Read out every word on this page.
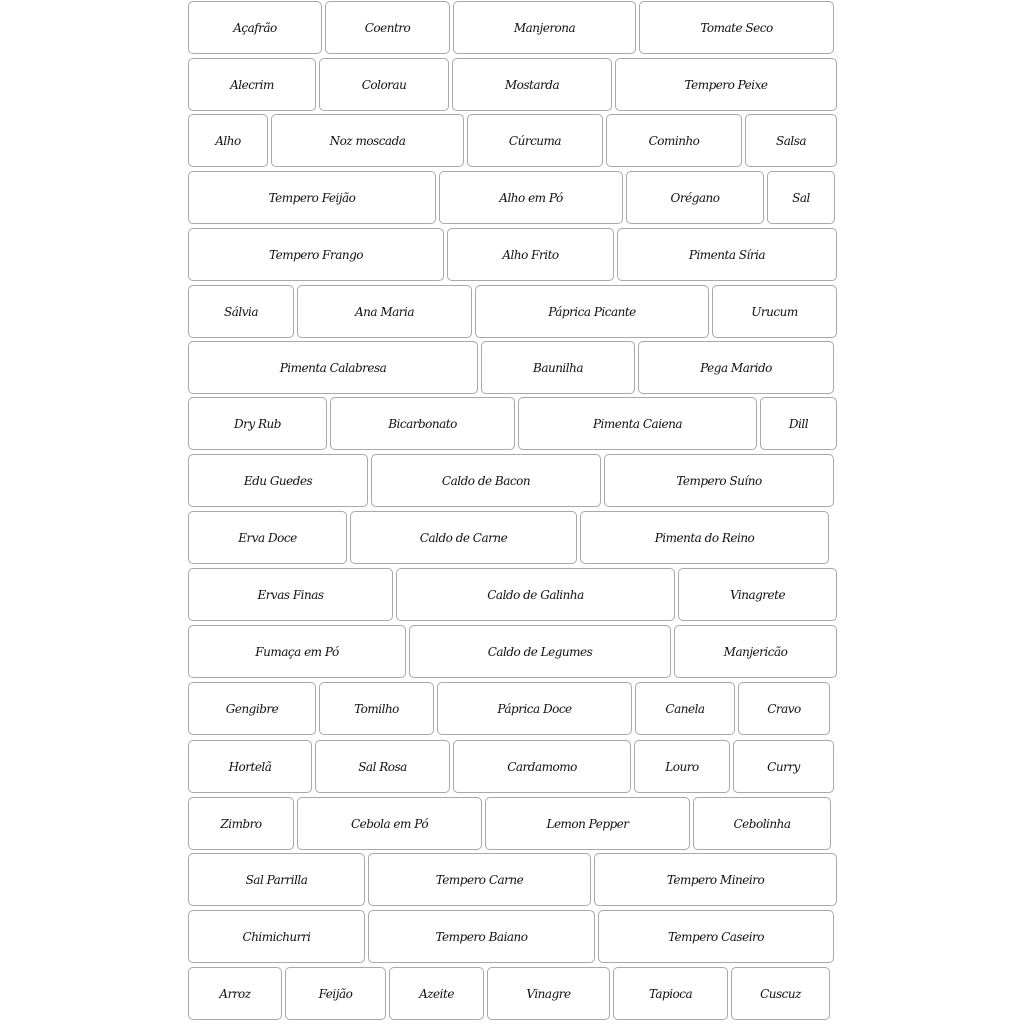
Açafrão	Coentro	Manjerona	Tomate Seco
Alecrim	Colorau	Mostarda	Tempero Peixe
Alho	Noz moscada	Cúrcuma	Cominho	Salsa
Tempero Feijão	Alho em Pó	Orégano	Sal
Tempero Frango	Alho Frito	Pimenta Síria
Sálvia	Ana Maria	Páprica Picante	Urucum
Pimenta Calabresa	Baunilha	Pega Marido
Dry Rub	Bicarbonato	Pimenta Caiena	Dill
Edu Guedes	Caldo de Bacon	Tempero Suíno
Erva Doce	Caldo de Carne	Pimenta do Reino
Ervas Finas	Caldo de Galinha	Vinagrete
Fumaça em Pó	Caldo de Legumes	Manjericão
Gengibre	Tomilho	Páprica Doce	Canela	Cravo
Hortelã	Sal Rosa	Cardamomo	Louro	Curry
Zimbro	Cebola em Pó	Lemon Pepper	Cebolinha
Sal Parrilla	Tempero Carne	Tempero Mineiro
Chimichurri	Tempero Baiano	Tempero Caseiro
Arroz	Feijão	Azeite	Vinagre	Tapioca	Cuscuz
